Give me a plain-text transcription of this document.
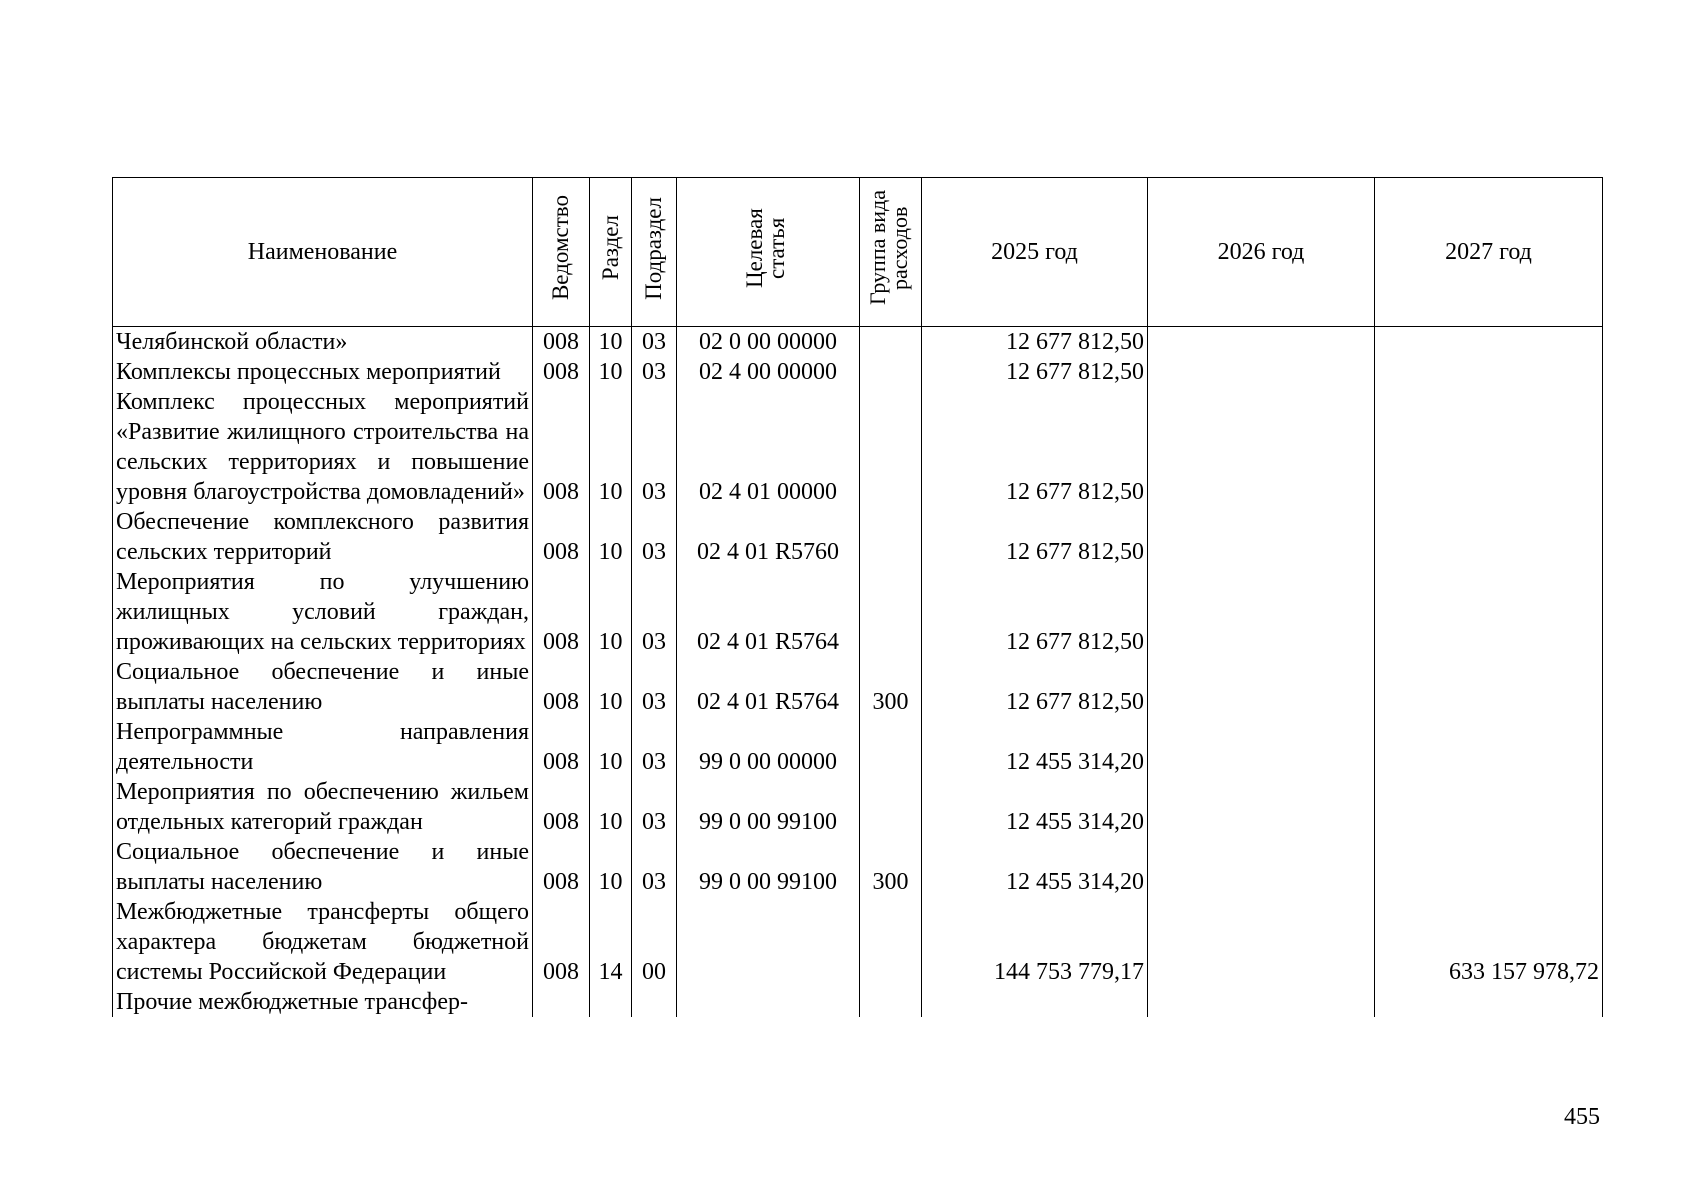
Наименование	Ведомство	Раздел	Подраздел	Целевая статья	Группа вида расходов	2025 год	2026 год	2027 год
Челябинской области»	008	10	03	02 0 00 00000		12 677 812,50		
Комплексы процессных мероприятий	008	10	03	02 4 00 00000		12 677 812,50		
Комплекс процессных мероприятий «Развитие жилищного строительства на сельских территориях и повышение уровня благоустройства домовладений»	008	10	03	02 4 01 00000		12 677 812,50		
Обеспечение комплексного развития сельских территорий	008	10	03	02 4 01 R5760		12 677 812,50		
Мероприятия по улучшению жилищных условий граждан, проживающих на сельских территориях	008	10	03	02 4 01 R5764		12 677 812,50		
Социальное обеспечение и иные выплаты населению	008	10	03	02 4 01 R5764	300	12 677 812,50		
Непрограммные направления деятельности	008	10	03	99 0 00 00000		12 455 314,20		
Мероприятия по обеспечению жильем отдельных категорий граждан	008	10	03	99 0 00 99100		12 455 314,20		
Социальное обеспечение и иные выплаты населению	008	10	03	99 0 00 99100	300	12 455 314,20		
Межбюджетные трансферты общего характера бюджетам бюджетной системы Российской Федерации	008	14	00			144 753 779,17		633 157 978,72
Прочие межбюджетные трансфер-								
455
